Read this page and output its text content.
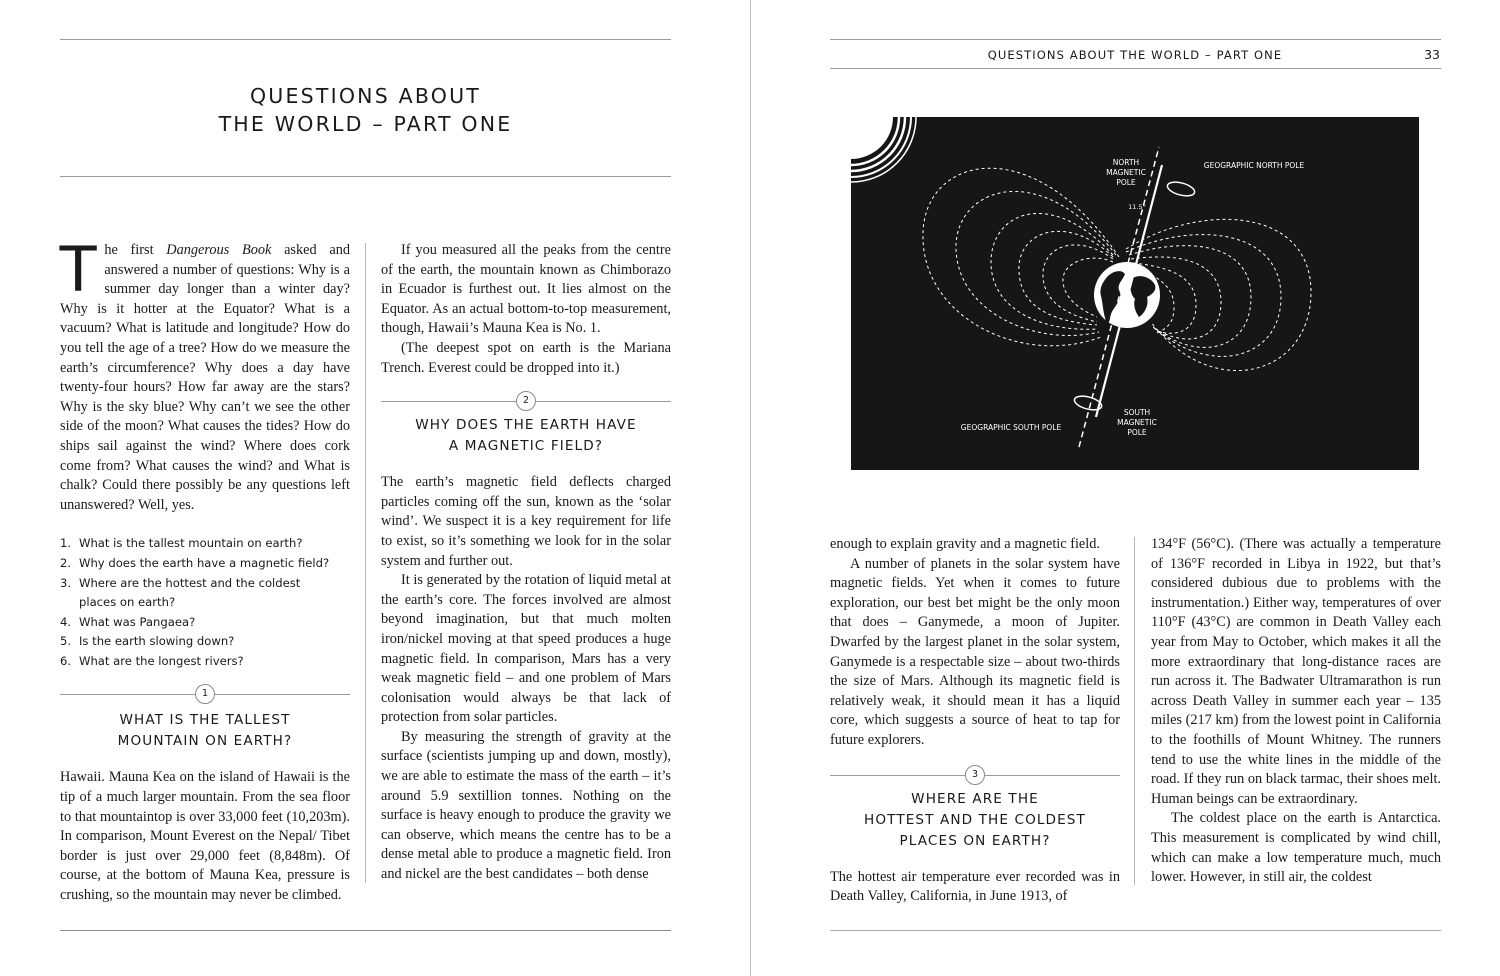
QUESTIONS ABOUT
THE WORLD – PART ONE

The first Dangerous Book asked and answered a number of questions: Why is a summer day longer than a winter day? Why is it hotter at the Equator? What is a vacuum? What is latitude and longitude? How do you tell the age of a tree? How do we measure the earth’s circumference? Why does a day have twenty-four hours? How far away are the stars? Why is the sky blue? Why can’t we see the other side of the moon? What causes the tides? How do ships sail against the wind? Where does cork come from? What causes the wind? and What is chalk? Could there possibly be any questions left unanswered? Well, yes.

1. What is the tallest mountain on earth?
2. Why does the earth have a magnetic field?
3. Where are the hottest and the coldest places on earth?
4. What was Pangaea?
5. Is the earth slowing down?
6. What are the longest rivers?
1
WHAT IS THE TALLEST
MOUNTAIN ON EARTH?

Hawaii. Mauna Kea on the island of Hawaii is the tip of a much larger mountain. From the sea floor to that mountaintop is over 33,000 feet (10,203m). In comparison, Mount Everest on the Nepal/ Tibet border is just over 29,000 feet (8,848m). Of course, at the bottom of Mauna Kea, pressure is crushing, so the mountain may never be climbed.

If you measured all the peaks from the centre of the earth, the mountain known as Chimborazo in Ecuador is furthest out. It lies almost on the Equator. As an actual bottom-to-top measurement, though, Hawaii’s Mauna Kea is No. 1.

(The deepest spot on earth is the Mariana Trench. Everest could be dropped into it.)

2
WHY DOES THE EARTH HAVE
A MAGNETIC FIELD?

The earth’s magnetic field deflects charged particles coming off the sun, known as the ‘solar wind’. We suspect it is a key requirement for life to exist, so it’s something we look for in the solar system and further out.

It is generated by the rotation of liquid metal at the earth’s core. The forces involved are almost beyond imagination, but that much molten iron/nickel moving at that speed produces a huge magnetic field. In comparison, Mars has a very weak magnetic field – and one problem of Mars colonisation would always be that lack of protection from solar particles.

By measuring the strength of gravity at the surface (scientists jumping up and down, mostly), we are able to estimate the mass of the earth – it’s around 5.9 sextillion tonnes. Nothing on the surface is heavy enough to produce the gravity we can observe, which means the centre has to be a dense metal able to produce a magnetic field. Iron and nickel are the best candidates – both dense

QUESTIONS ABOUT THE WORLD – PART ONE	33
NORTH
MAGNETIC
POLE
GEOGRAPHIC NORTH POLE
11.5°
GEOGRAPHIC SOUTH POLE
SOUTH
MAGNETIC
POLE

enough to explain gravity and a magnetic field.

A number of planets in the solar system have magnetic fields. Yet when it comes to future exploration, our best bet might be the only moon that does – Ganymede, a moon of Jupiter. Dwarfed by the largest planet in the solar system, Ganymede is a respectable size – about two-thirds the size of Mars. Although its magnetic field is relatively weak, it should mean it has a liquid core, which suggests a source of heat to tap for future explorers.

3
WHERE ARE THE
HOTTEST AND THE COLDEST
PLACES ON EARTH?

The hottest air temperature ever recorded was in Death Valley, California, in June 1913, of

134°F (56°C). (There was actually a temperature of 136°F recorded in Libya in 1922, but that’s considered dubious due to problems with the instrumentation.) Either way, temperatures of over 110°F (43°C) are common in Death Valley each year from May to October, which makes it all the more extraordinary that long-distance races are run across it. The Badwater Ultramarathon is run across Death Valley in summer each year – 135 miles (217 km) from the lowest point in California to the foothills of Mount Whitney. The runners tend to use the white lines in the middle of the road. If they run on black tarmac, their shoes melt. Human beings can be extraordinary.

The coldest place on the earth is Antarctica. This measurement is complicated by wind chill, which can make a low temperature much, much lower. However, in still air, the coldest
